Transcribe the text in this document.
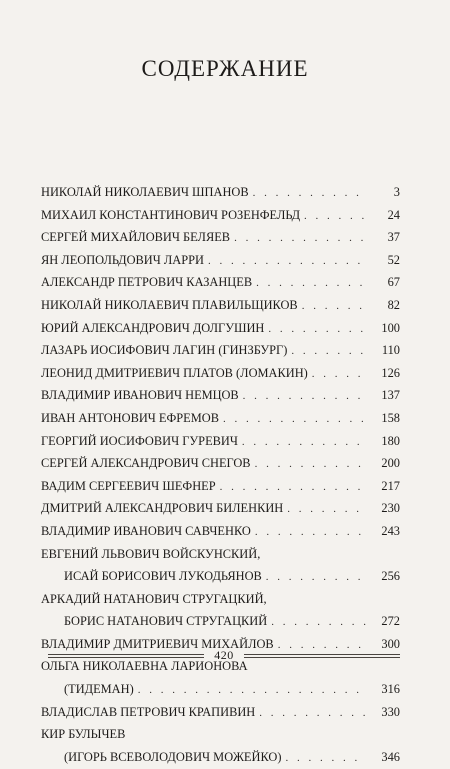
СОДЕРЖАНИЕ
НИКОЛАЙ НИКОЛАЕВИЧ ШПАНОВ . . .	3
МИХАИЛ КОНСТАНТИНОВИЧ РОЗЕНФЕЛЬД . . .	24
СЕРГЕЙ МИХАЙЛОВИЧ БЕЛЯЕВ . . .	37
ЯН ЛЕОПОЛЬДОВИЧ ЛАРРИ . . .	52
АЛЕКСАНДР ПЕТРОВИЧ КАЗАНЦЕВ . . .	67
НИКОЛАЙ НИКОЛАЕВИЧ ПЛАВИЛЬЩИКОВ . . .	82
ЮРИЙ АЛЕКСАНДРОВИЧ ДОЛГУШИН . . .	100
ЛАЗАРЬ ИОСИФОВИЧ ЛАГИН (ГИНЗБУРГ) . . .	110
ЛЕОНИД ДМИТРИЕВИЧ ПЛАТОВ (ЛОМАКИН) . . .	126
ВЛАДИМИР ИВАНОВИЧ НЕМЦОВ . . .	137
ИВАН АНТОНОВИЧ ЕФРЕМОВ . . .	158
ГЕОРГИЙ ИОСИФОВИЧ ГУРЕВИЧ . . .	180
СЕРГЕЙ АЛЕКСАНДРОВИЧ СНЕГОВ . . .	200
ВАДИМ СЕРГЕЕВИЧ ШЕФНЕР . . .	217
ДМИТРИЙ АЛЕКСАНДРОВИЧ БИЛЕНКИН . . .	230
ВЛАДИМИР ИВАНОВИЧ САВЧЕНКО . . .	243
ЕВГЕНИЙ ЛЬВОВИЧ ВОЙСКУНСКИЙ,
ИСАЙ БОРИСОВИЧ ЛУКОДЬЯНОВ . . .	256
АРКАДИЙ НАТАНОВИЧ СТРУГАЦКИЙ,
БОРИС НАТАНОВИЧ СТРУГАЦКИЙ . . .	272
ВЛАДИМИР ДМИТРИЕВИЧ МИХАЙЛОВ . . .	300
ОЛЬГА НИКОЛАЕВНА ЛАРИОНОВА
(ТИДЕМАН) . . .	316
ВЛАДИСЛАВ ПЕТРОВИЧ КРАПИВИН . . .	330
КИР БУЛЫЧЕВ
(ИГОРЬ ВСЕВОЛОДОВИЧ МОЖЕЙКО) . . .	346
420
